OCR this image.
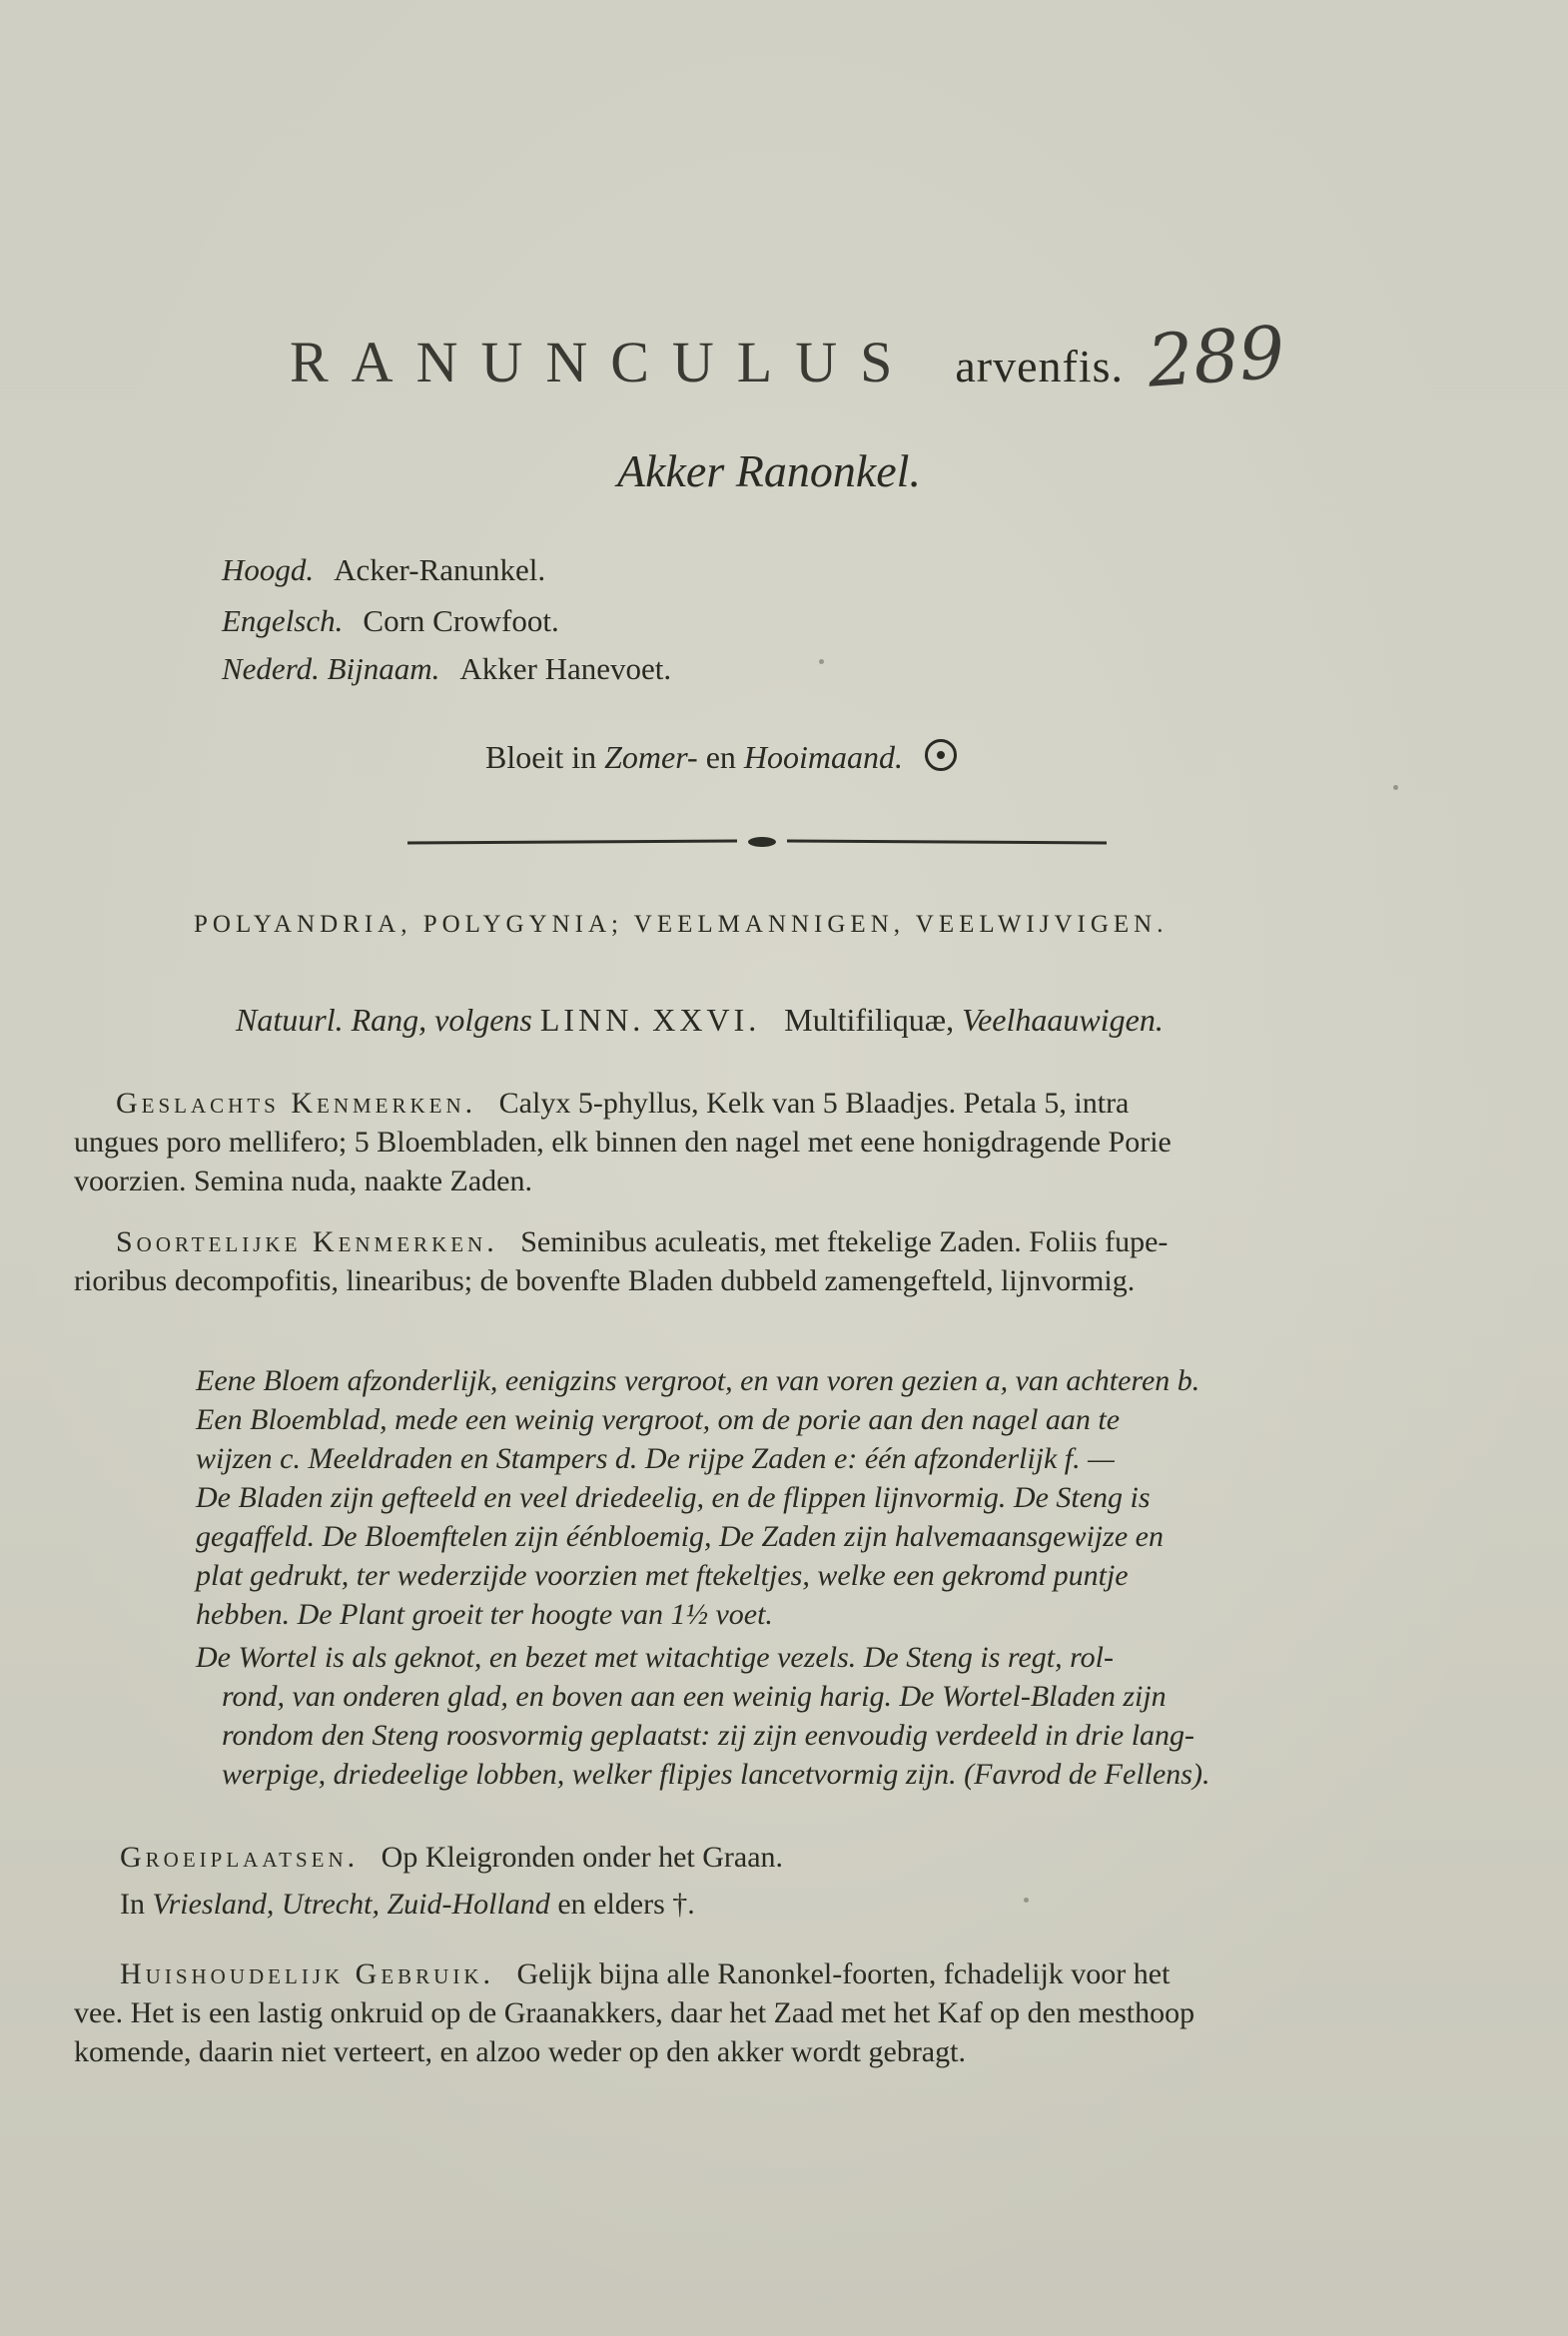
RANUNCULUS arvenfis. 289
Akker Ranonkel.
Hoogd. Acker-Ranunkel.
Engelsch. Corn Crowfoot.
Nederd. Bijnaam. Akker Hanevoet.
Bloeit in Zomer- en Hooimaand.
POLYANDRIA, POLYGYNIA; VEELMANNIGEN, VEELWIJVIGEN.
Natuurl. Rang, volgens LINN. XXVI. Multifiliquæ, Veelhaauwigen.
Geslachts Kenmerken. Calyx 5-phyllus, Kelk van 5 Blaadjes. Petala 5, intra
ungues poro mellifero; 5 Bloembladen, elk binnen den nagel met eene honigdragende Porie
voorzien. Semina nuda, naakte Zaden.
Soortelijke Kenmerken. Seminibus aculeatis, met ftekelige Zaden. Foliis fupe-
rioribus decompofitis, linearibus; de bovenfte Bladen dubbeld zamengefteld, lijnvormig.
Eene Bloem afzonderlijk, eenigzins vergroot, en van voren gezien a, van achteren b.
Een Bloemblad, mede een weinig vergroot, om de porie aan den nagel aan te
wijzen c. Meeldraden en Stampers d. De rijpe Zaden e: één afzonderlijk f. —
De Bladen zijn gefteeld en veel driedeelig, en de flippen lijnvormig. De Steng is
gegaffeld. De Bloemftelen zijn éénbloemig, De Zaden zijn halvemaansgewijze en
plat gedrukt, ter wederzijde voorzien met ftekeltjes, welke een gekromd puntje
hebben. De Plant groeit ter hoogte van 1½ voet.
De Wortel is als geknot, en bezet met witachtige vezels. De Steng is regt, rol-
rond, van onderen glad, en boven aan een weinig harig. De Wortel-Bladen zijn
rondom den Steng roosvormig geplaatst: zij zijn eenvoudig verdeeld in drie lang-
werpige, driedeelige lobben, welker flipjes lancetvormig zijn. (Favrod de Fellens).
Groeiplaatsen. Op Kleigronden onder het Graan.
In Vriesland, Utrecht, Zuid-Holland en elders †.
Huishoudelijk Gebruik. Gelijk bijna alle Ranonkel-foorten, fchadelijk voor het
vee. Het is een lastig onkruid op de Graanakkers, daar het Zaad met het Kaf op den mesthoop
komende, daarin niet verteert, en alzoo weder op den akker wordt gebragt.
